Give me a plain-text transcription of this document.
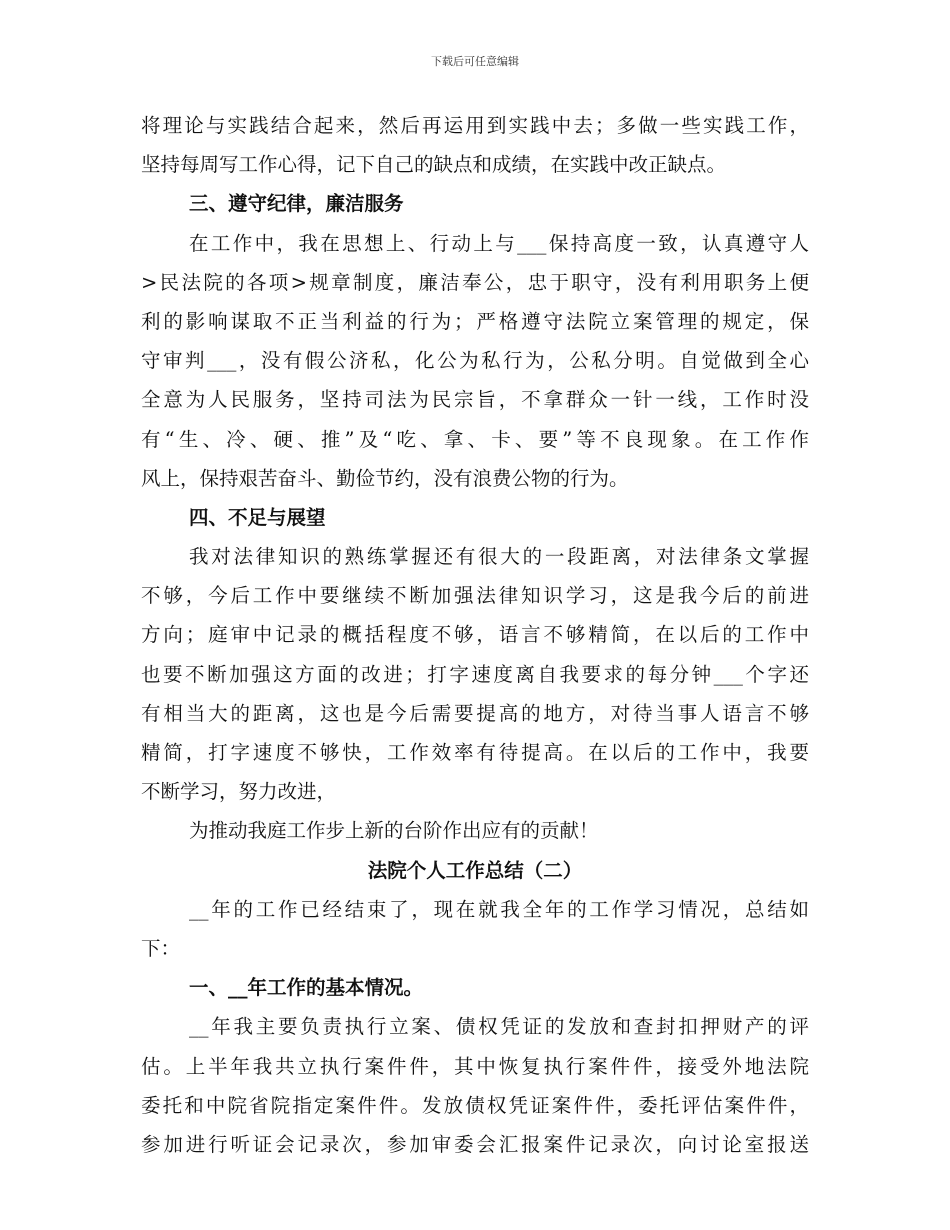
下载后可任意编辑
将理论与实践结合起来，然后再运用到实践中去；多做一些实践工作，
坚持每周写工作心得，记下自己的缺点和成绩，在实践中改正缺点。
三、遵守纪律，廉洁服务
在工作中，我在思想上、行动上与___保持高度一致，认真遵守人
>民法院的各项>规章制度，廉洁奉公，忠于职守，没有利用职务上便
利的影响谋取不正当利益的行为；严格遵守法院立案管理的规定，保
守审判___，没有假公济私，化公为私行为，公私分明。自觉做到全心
全意为人民服务，坚持司法为民宗旨，不拿群众一针一线，工作时没
有“生、冷、硬、推”及“吃、拿、卡、要”等不良现象。在工作作
风上，保持艰苦奋斗、勤俭节约，没有浪费公物的行为。
四、不足与展望
我对法律知识的熟练掌握还有很大的一段距离，对法律条文掌握
不够，今后工作中要继续不断加强法律知识学习，这是我今后的前进
方向；庭审中记录的概括程度不够，语言不够精简，在以后的工作中
也要不断加强这方面的改进；打字速度离自我要求的每分钟___个字还
有相当大的距离，这也是今后需要提高的地方，对待当事人语言不够
精简，打字速度不够快，工作效率有待提高。在以后的工作中，我要
不断学习，努力改进，
为推动我庭工作步上新的台阶作出应有的贡献！
法院个人工作总结（二）
__年的工作已经结束了，现在就我全年的工作学习情况，总结如
下：
一、__年工作的基本情况。
__年我主要负责执行立案、债权凭证的发放和查封扣押财产的评
估。上半年我共立执行案件件，其中恢复执行案件件，接受外地法院
委托和中院省院指定案件件。发放债权凭证案件件，委托评估案件件，
参加进行听证会记录次，参加审委会汇报案件记录次，向讨论室报送
